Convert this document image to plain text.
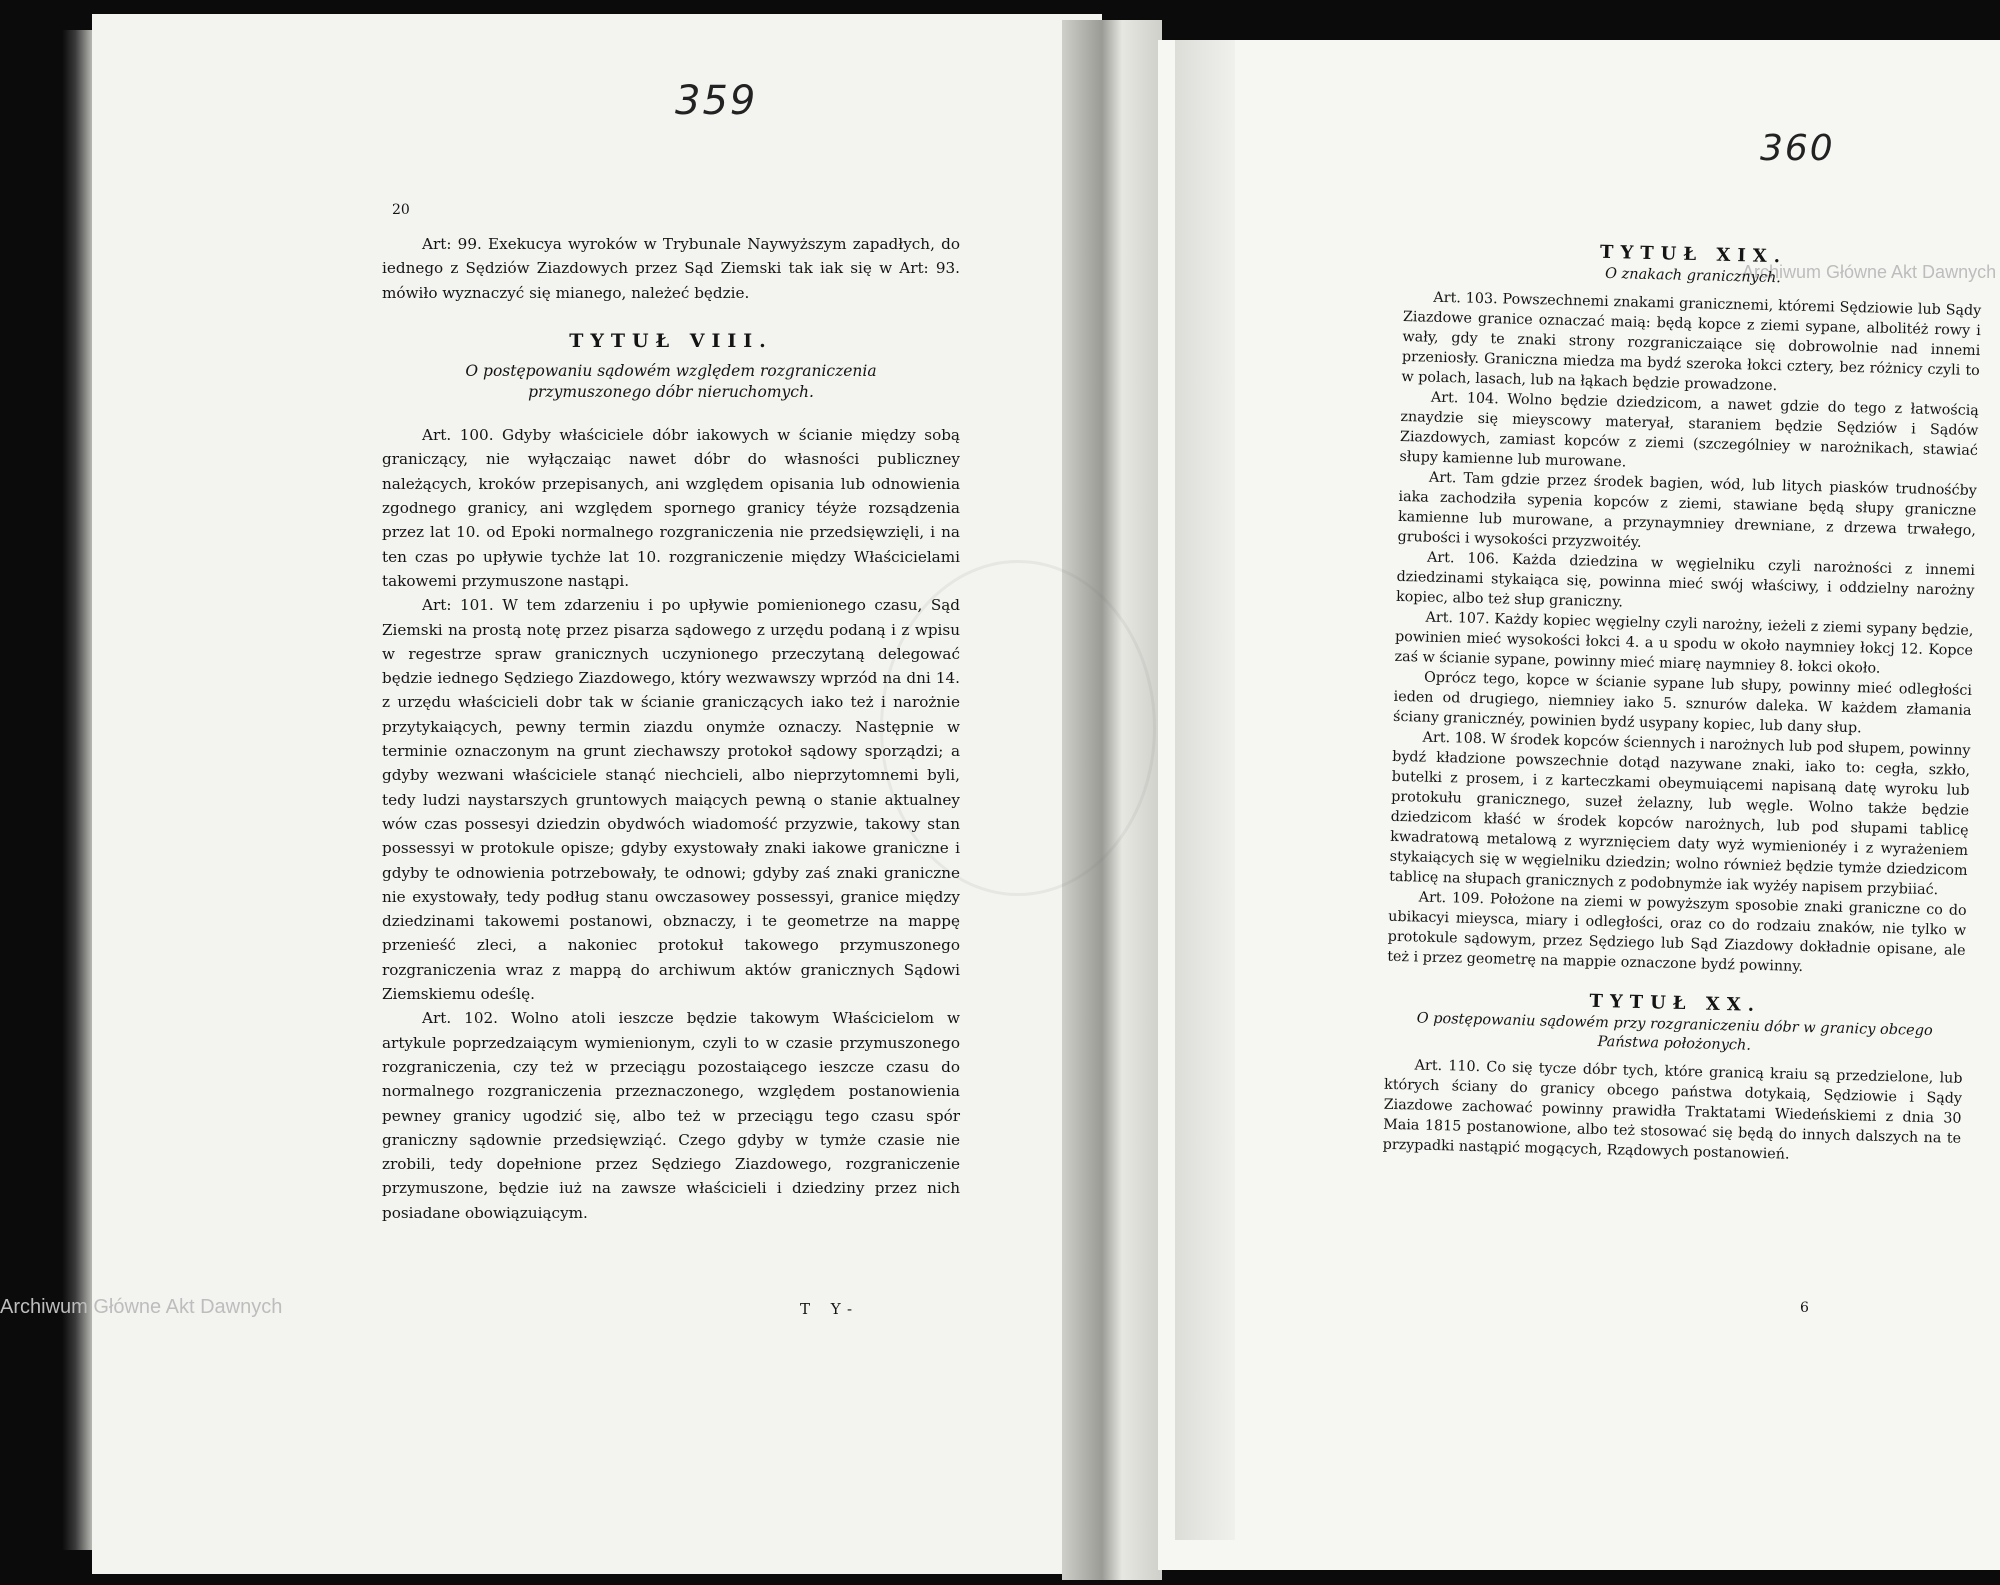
359
360
Archiwum Główne Akt Dawnych
Archiwum Główne Akt Dawnych
20

Art: 99. Exekucya wyroków w Trybunale Naywyższym zapadłych, do iednego z Sędziów Ziazdowych przez Sąd Ziemski tak iak się w Art: 93. mówiło wyznaczyć się mianego, należeć będzie.

TYTUŁ VIII.
O postępowaniu sądowém względem rozgraniczenia przymuszonego dóbr nieruchomych.

Art. 100. Gdyby właściciele dóbr iakowych w ścianie między sobą graniczący, nie wyłączaiąc nawet dóbr do własności publiczney należących, kroków przepisanych, ani względem opisania lub odnowienia zgodnego granicy, ani względem spornego granicy téyże rozsądzenia przez lat 10. od Epoki normalnego rozgraniczenia nie przedsięwzięli, i na ten czas po upływie tychże lat 10. rozgraniczenie między Właścicielami takowemi przymuszone nastąpi.

Art: 101. W tem zdarzeniu i po upływie pomienionego czasu, Sąd Ziemski na prostą notę przez pisarza sądowego z urzędu podaną i z wpisu w regestrze spraw granicznych uczynionego przeczytaną delegować będzie iednego Sędziego Ziazdowego, który wezwawszy wprzód na dni 14. z urzędu właścicieli dobr tak w ścianie graniczących iako też i narożnie przytykaiących, pewny termin ziazdu onymże oznaczy. Następnie w terminie oznaczonym na grunt ziechawszy protokoł sądowy sporządzi; a gdyby wezwani właściciele stanąć niechcieli, albo nieprzytomnemi byli, tedy ludzi naystarszych gruntowych maiących pewną o stanie aktualney wów czas possesyi dziedzin obydwóch wiadomość przyzwie, takowy stan possessyi w protokule opisze; gdyby exystowały znaki iakowe graniczne i gdyby te odnowienia potrzebowały, te odnowi; gdyby zaś znaki graniczne nie exystowały, tedy podług stanu owczasowey possessyi, granice między dziedzinami takowemi postanowi, obznaczy, i te geometrze na mappę przenieść zleci, a nakoniec protokuł takowego przymuszonego rozgraniczenia wraz z mappą do archiwum aktów granicznych Sądowi Ziemskiemu odeślę.

Art. 102. Wolno atoli ieszcze będzie takowym Właścicielom w artykule poprzedzaiącym wymienionym, czyli to w czasie przymuszonego rozgraniczenia, czy też w przeciągu pozostaiącego ieszcze czasu do normalnego rozgraniczenia przeznaczonego, względem postanowienia pewney granicy ugodzić się, albo też w przeciągu tego czasu spór graniczny sądownie przedsięwziąć. Czego gdyby w tymże czasie nie zrobili, tedy dopełnione przez Sędziego Ziazdowego, rozgraniczenie przymuszone, będzie iuż na zawsze właścicieli i dziedziny przez nich posiadane obowiązuiącym.

T Y-
TYTUŁ XIX.
O znakach granicznych.

Art. 103. Powszechnemi znakami granicznemi, któremi Sędziowie lub Sądy Ziazdowe granice oznaczać maią: będą kopce z ziemi sypane, albolitéż rowy i wały, gdy te znaki strony rozgraniczaiące się dobrowolnie nad innemi przeniosły. Graniczna miedza ma bydź szeroka łokci cztery, bez różnicy czyli to w polach, lasach, lub na łąkach będzie prowadzone.

Art. 104. Wolno będzie dziedzicom, a nawet gdzie do tego z łatwością znaydzie się mieyscowy materyał, staraniem będzie Sędziów i Sądów Ziazdowych, zamiast kopców z ziemi (szczególniey w narożnikach, stawiać słupy kamienne lub murowane.

Art. Tam gdzie przez środek bagien, wód, lub litych piasków trudnośćby iaka zachodziła sypenia kopców z ziemi, stawiane będą słupy graniczne kamienne lub murowane, a przynaymniey drewniane, z drzewa trwałego, grubości i wysokości przyzwoitéy.

Art. 106. Każda dziedzina w węgielniku czyli narożności z innemi dziedzinami stykaiąca się, powinna mieć swój właściwy, i oddzielny narożny kopiec, albo też słup graniczny.

Art. 107. Każdy kopiec węgielny czyli narożny, ieżeli z ziemi sypany będzie, powinien mieć wysokości łokci 4. a u spodu w około naymniey łokcj 12. Kopce zaś w ścianie sypane, powinny mieć miarę naymniey 8. łokci około.

Oprócz tego, kopce w ścianie sypane lub słupy, powinny mieć odległości ieden od drugiego, niemniey iako 5. sznurów daleka. W każdem złamania ściany granicznéy, powinien bydź usypany kopiec, lub dany słup.

Art. 108. W środek kopców ściennych i narożnych lub pod słupem, powinny bydź kładzione powszechnie dotąd nazywane znaki, iako to: cegła, szkło, butelki z prosem, i z karteczkami obeymuiącemi napisaną datę wyroku lub protokułu granicznego, suzeł żelazny, lub węgle. Wolno także będzie dziedzicom kłaść w środek kopców narożnych, lub pod słupami tablicę kwadratową metalową z wyrznięciem daty wyż wymienionéy i z wyrażeniem stykaiących się w węgielniku dziedzin; wolno również będzie tymże dziedzicom tablicę na słupach granicznych z podobnymże iak wyżéy napisem przybiiać.

Art. 109. Położone na ziemi w powyższym sposobie znaki graniczne co do ubikacyi mieysca, miary i odległości, oraz co do rodzaiu znaków, nie tylko w protokule sądowym, przez Sędziego lub Sąd Ziazdowy dokładnie opisane, ale też i przez geometrę na mappie oznaczone bydź powinny.

TYTUŁ XX.
O postępowaniu sądowém przy rozgraniczeniu dóbr w granicy obcego Państwa położonych.

Art. 110. Co się tycze dóbr tych, które granicą kraiu są przedzielone, lub których ściany do granicy obcego państwa dotykaią, Sędziowie i Sądy Ziazdowe zachować powinny prawidła Traktatami Wiedeńskiemi z dnia 30 Maia 1815 postanowione, albo też stosować się będą do innych dalszych na te przypadki nastąpić mogących, Rządowych postanowień.

6
